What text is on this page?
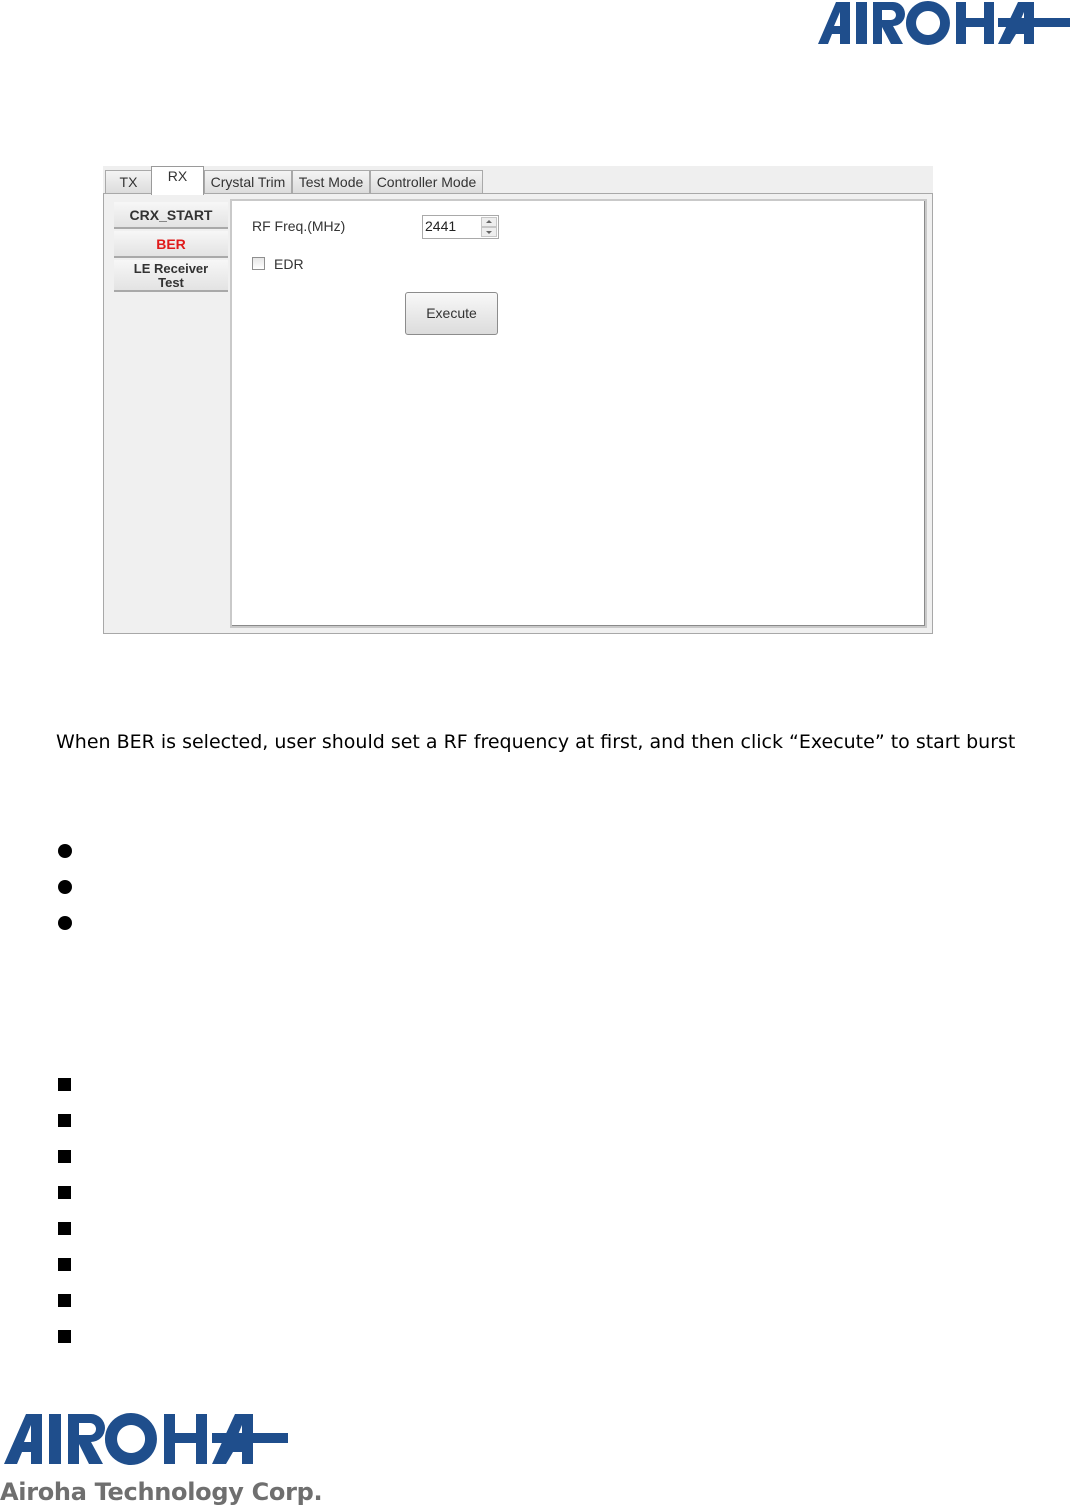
TX	RX	Crystal Trim Test Mode Controller Mode
CRX_START
BER
LE Receiver
Test
RF Freq.(MHz)	2441
EDR
Execute
When BER is selected, user should set a RF frequency at first, and then click “Execute” to start burst
Airoha Technology Corp.
